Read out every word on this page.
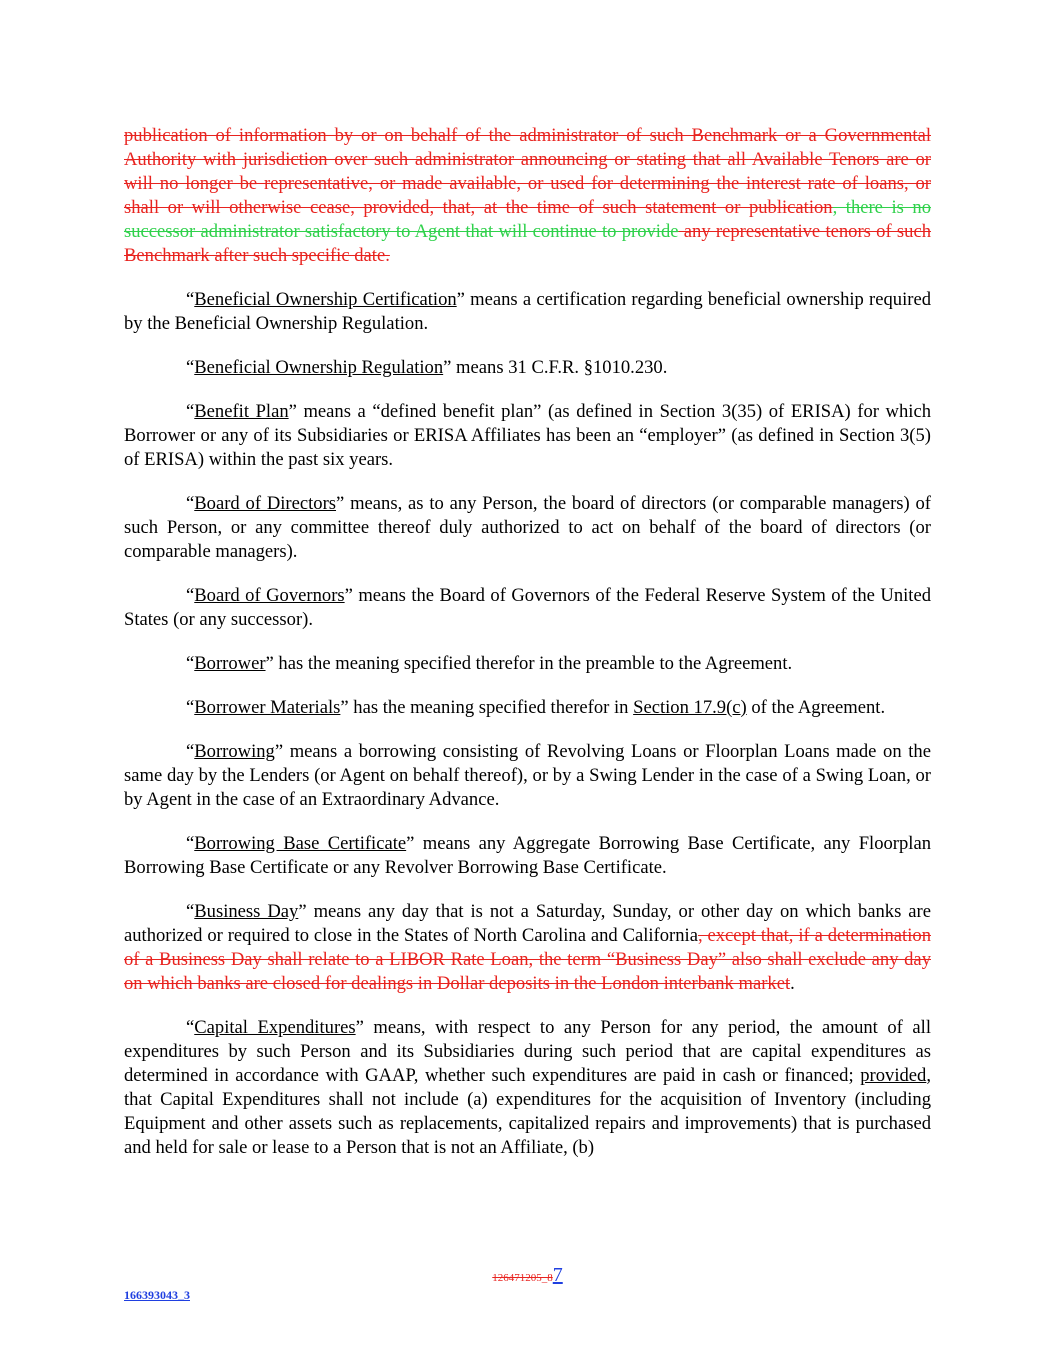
publication of information by or on behalf of the administrator of such Benchmark or a Governmental Authority with jurisdiction over such administrator announcing or stating that all Available Tenors are or will no longer be representative, or made available, or used for determining the interest rate of loans, or shall or will otherwise cease, provided, that, at the time of such statement or publication, there is no successor administrator satisfactory to Agent that will continue to provide any representative tenors of such Benchmark after such specific date.

“Beneficial Ownership Certification” means a certification regarding beneficial ownership required by the Beneficial Ownership Regulation.

“Beneficial Ownership Regulation” means 31 C.F.R. §1010.230.

“Benefit Plan” means a “defined benefit plan” (as defined in Section 3(35) of ERISA) for which Borrower or any of its Subsidiaries or ERISA Affiliates has been an “employer” (as defined in Section 3(5) of ERISA) within the past six years.

“Board of Directors” means, as to any Person, the board of directors (or comparable managers) of such Person, or any committee thereof duly authorized to act on behalf of the board of directors (or comparable managers).

“Board of Governors” means the Board of Governors of the Federal Reserve System of the United States (or any successor).

“Borrower” has the meaning specified therefor in the preamble to the Agreement.

“Borrower Materials” has the meaning specified therefor in Section 17.9(c) of the Agreement.

“Borrowing” means a borrowing consisting of Revolving Loans or Floorplan Loans made on the same day by the Lenders (or Agent on behalf thereof), or by a Swing Lender in the case of a Swing Loan, or by Agent in the case of an Extraordinary Advance.

“Borrowing Base Certificate” means any Aggregate Borrowing Base Certificate, any Floorplan Borrowing Base Certificate or any Revolver Borrowing Base Certificate.

“Business Day” means any day that is not a Saturday, Sunday, or other day on which banks are authorized or required to close in the States of North Carolina and California, except that, if a determination of a Business Day shall relate to a LIBOR Rate Loan, the term “Business Day” also shall exclude any day on which banks are closed for dealings in Dollar deposits in the London interbank market.

“Capital Expenditures” means, with respect to any Person for any period, the amount of all expenditures by such Person and its Subsidiaries during such period that are capital expenditures as determined in accordance with GAAP, whether such expenditures are paid in cash or financed; provided, that Capital Expenditures shall not include (a) expenditures for the acquisition of Inventory (including Equipment and other assets such as replacements, capitalized repairs and improvements) that is purchased and held for sale or lease to a Person that is not an Affiliate, (b)

126471205_87
166393043_3
